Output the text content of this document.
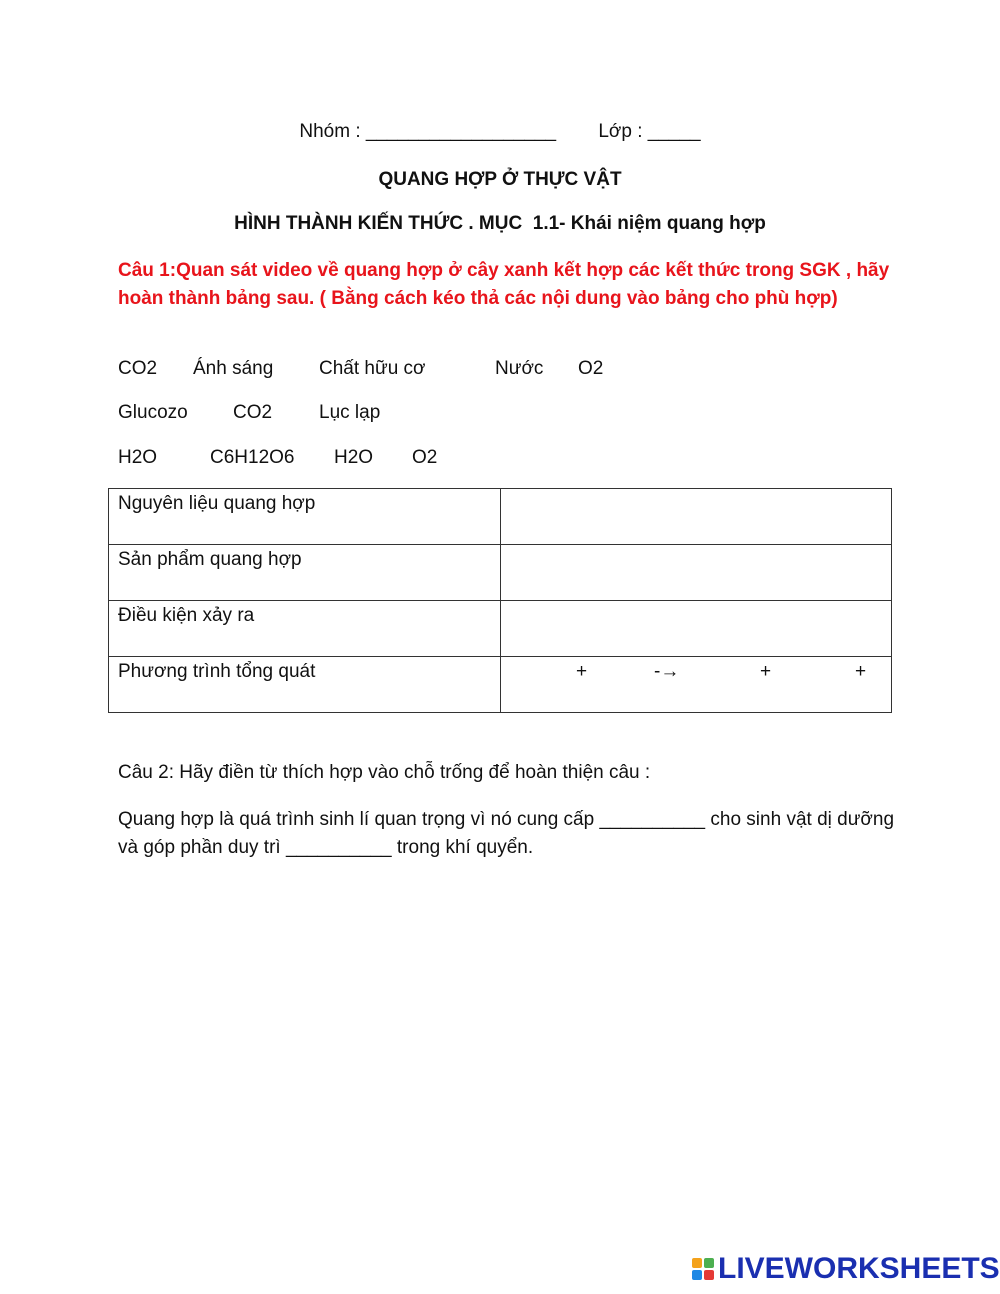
Nhóm : __________________        Lớp : _____
QUANG HỢP Ở THỰC VẬT
HÌNH THÀNH KIẾN THỨC . MỤC  1.1- Khái niệm quang hợp
Câu 1:Quan sát video về quang hợp ở cây xanh kết hợp các kết thức trong SGK , hãy hoàn thành bảng sau. ( Bằng cách kéo thả các nội dung vào bảng cho phù hợp)
CO2 Ánh sáng Chất hữu cơ	Nước O2
Glucozo CO2 Lục lạp
H2O	C6H12O6 H2O O2
Nguyên liệu quang hợp	
Sản phẩm quang hợp	
Điều kiện xảy ra	
Phương trình tổng quát	+ -→ + +
Câu 2: Hãy điền từ thích hợp vào chỗ trống để hoàn thiện câu :
Quang hợp là quá trình sinh lí quan trọng vì nó cung cấp __________ cho sinh vật dị dưỡng và góp phần duy trì __________ trong khí quyển.
LIVEWORKSHEETS
